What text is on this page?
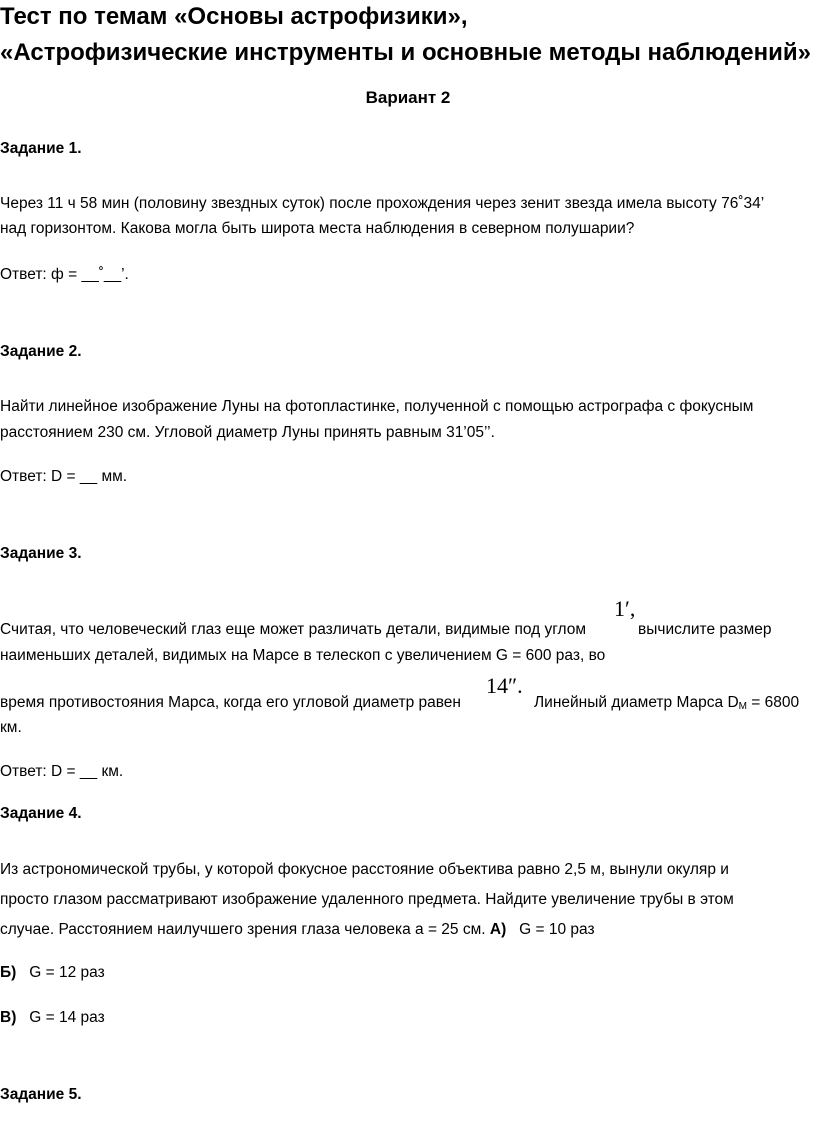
Тест по темам «Основы астрофизики»,
«Астрофизические инструменты и основные методы наблюдений»
Вариант 2
Задание 1.
Через 11 ч 58 мин (половину звездных суток) после прохождения через зенит звезда имела высоту 76˚34’
над горизонтом. Какова могла быть широта места наблюдения в северном полушарии?
Ответ: ф = __˚__’.
Задание 2.
Найти линейное изображение Луны на фотопластинке, полученной с помощью астрографа с фокусным
расстоянием 230 см. Угловой диаметр Луны принять равным 31’05’’.
Ответ: D = __ мм.
Задание 3.
Считая, что человеческий глаз еще может различать детали, видимые под углом
1′,
вычислите размер
наименьших деталей, видимых на Марсе в телескоп с увеличением G = 600 раз, во
время противостояния Марса, когда его угловой диаметр равен
14″.
Линейный диаметр Марса $D_М = 6800$
км.
Ответ: D = __ км.
Задание 4.
Из астрономической трубы, у которой фокусное расстояние объектива равно 2,5 м, вынули окуляр и
просто глазом рассматривают изображение удаленного предмета. Найдите увеличение трубы в этом
случае. Расстоянием наилучшего зрения глаза человека а = 25 см. А) G = 10 раз
Б) G = 12 раз
В) G = 14 раз
Задание 5.
